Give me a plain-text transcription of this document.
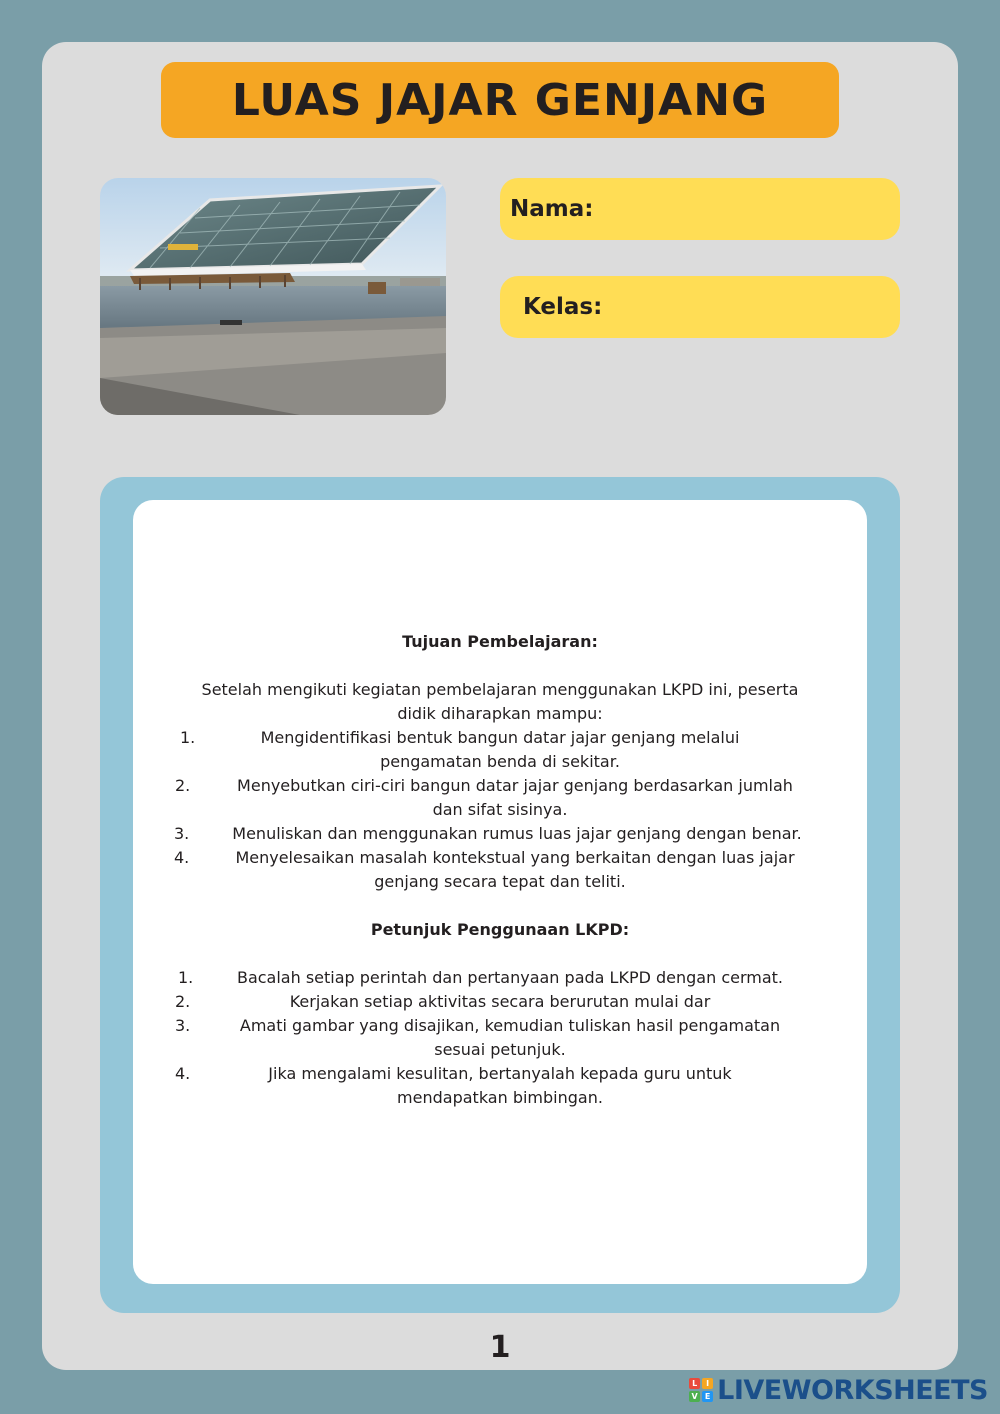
LUAS JAJAR GENJANG
Nama:
Kelas:

Tujuan Pembelajaran:

Setelah mengikuti kegiatan pembelajaran menggunakan LKPD ini, peserta

didik diharapkan mampu:

1.	Mengidentifikasi bentuk bangun datar jajar genjang melalui

pengamatan benda di sekitar.

2.	Menyebutkan ciri-ciri bangun datar jajar genjang berdasarkan jumlah

dan sifat sisinya.

3.	Menuliskan dan menggunakan rumus luas jajar genjang dengan benar.

4.	Menyelesaikan masalah kontekstual yang berkaitan dengan luas jajar

genjang secara tepat dan teliti.

Petunjuk Penggunaan LKPD:

1.	Bacalah setiap perintah dan pertanyaan pada LKPD dengan cermat.

2.	Kerjakan setiap aktivitas secara berurutan mulai dar

3.	Amati gambar yang disajikan, kemudian tuliskan hasil pengamatan

sesuai petunjuk.

4.	Jika mengalami kesulitan, bertanyalah kepada guru untuk

mendapatkan bimbingan.

1
L	I
V E LIVEWORKSHEETS
